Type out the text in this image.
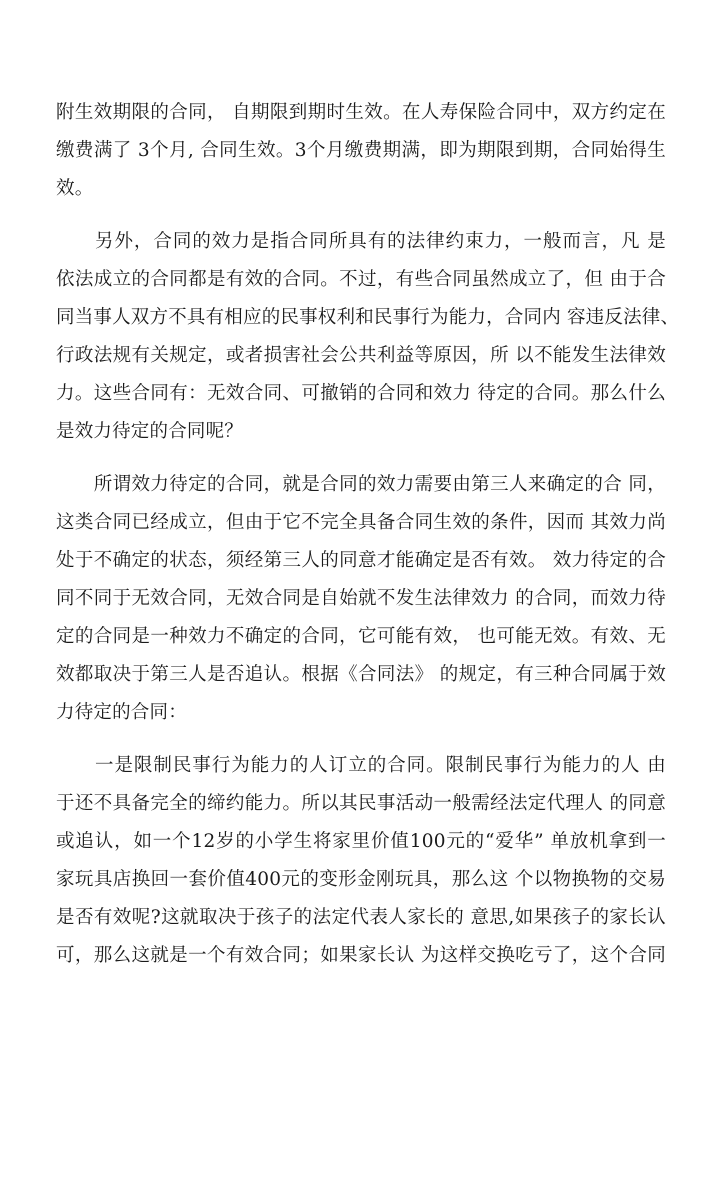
附生效期限的合同， 自期限到期时生效。在人寿保险合同中，双方约定在
缴费满了 3个月, 合同生效。3个月缴费期满，即为期限到期，合同始得生
效。
　　另外，合同的效力是指合同所具有的法律约束力，一般而言，凡 是
依法成立的合同都是有效的合同。不过，有些合同虽然成立了，但 由于合
同当事人双方不具有相应的民事权利和民事行为能力，合同内 容违反法律、
行政法规有关规定，或者损害社会公共利益等原因，所 以不能发生法律效
力。这些合同有：无效合同、可撤销的合同和效力 待定的合同。那么什么
是效力待定的合同呢？
　　所谓效力待定的合同，就是合同的效力需要由第三人来确定的合 同，
这类合同已经成立，但由于它不完全具备合同生效的条件，因而 其效力尚
处于不确定的状态，须经第三人的同意才能确定是否有效。 效力待定的合
同不同于无效合同，无效合同是自始就不发生法律效力 的合同，而效力待
定的合同是一种效力不确定的合同，它可能有效， 也可能无效。有效、无
效都取决于第三人是否追认。根据《合同法》 的规定，有三种合同属于效
力待定的合同：
　　一是限制民事行为能力的人订立的合同。限制民事行为能力的人 由
于还不具备完全的缔约能力。所以其民事活动一般需经法定代理人 的同意
或追认，如一个12岁的小学生将家里价值100元的“爱华” 单放机拿到一
家玩具店换回一套价值400元的变形金刚玩具，那么这 个以物换物的交易
是否有效呢?这就取决于孩子的法定代表人家长的 意思,如果孩子的家长认
可，那么这就是一个有效合同；如果家长认 为这样交换吃亏了，这个合同
